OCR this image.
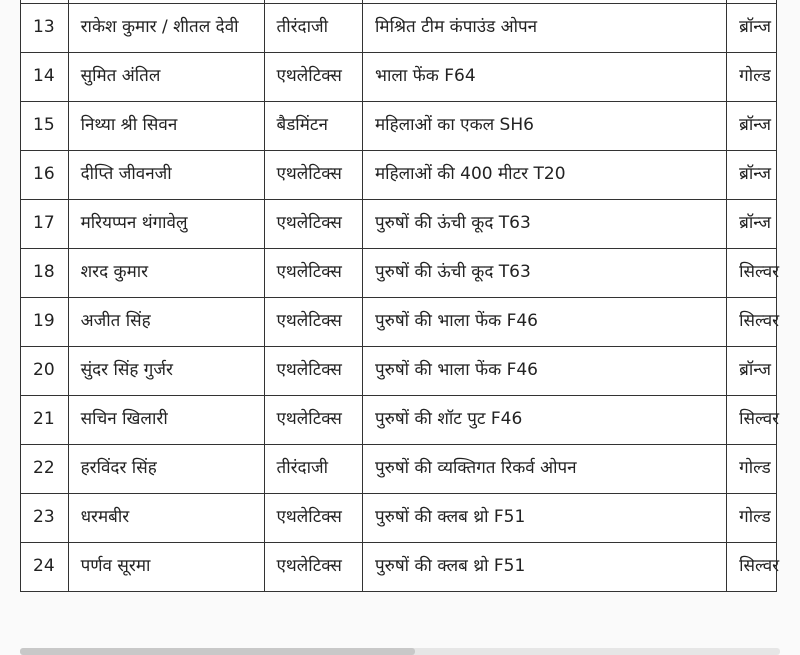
13	राकेश कुमार / शीतल देवी	तीरंदाजी	मिश्रित टीम कंपाउंड ओपन	ब्रॉन्ज
14	सुमित अंतिल	एथलेटिक्स	भाला फेंक F64	गोल्ड
15	निथ्या श्री सिवन	बैडमिंटन	महिलाओं का एकल SH6	ब्रॉन्ज
16	दीप्ति जीवनजी	एथलेटिक्स	महिलाओं की 400 मीटर T20	ब्रॉन्ज
17	मरियप्पन थंगावेलु	एथलेटिक्स	पुरुषों की ऊंची कूद T63	ब्रॉन्ज
18	शरद कुमार	एथलेटिक्स	पुरुषों की ऊंची कूद T63	सिल्वर
19	अजीत सिंह	एथलेटिक्स	पुरुषों की भाला फेंक F46	सिल्वर
20	सुंदर सिंह गुर्जर	एथलेटिक्स	पुरुषों की भाला फेंक F46	ब्रॉन्ज
21	सचिन खिलारी	एथलेटिक्स	पुरुषों की शॉट पुट F46	सिल्वर
22	हरविंदर सिंह	तीरंदाजी	पुरुषों की व्यक्तिगत रिकर्व ओपन	गोल्ड
23	धरमबीर	एथलेटिक्स	पुरुषों की क्लब थ्रो F51	गोल्ड
24	पर्णव सूरमा	एथलेटिक्स	पुरुषों की क्लब थ्रो F51	सिल्वर
